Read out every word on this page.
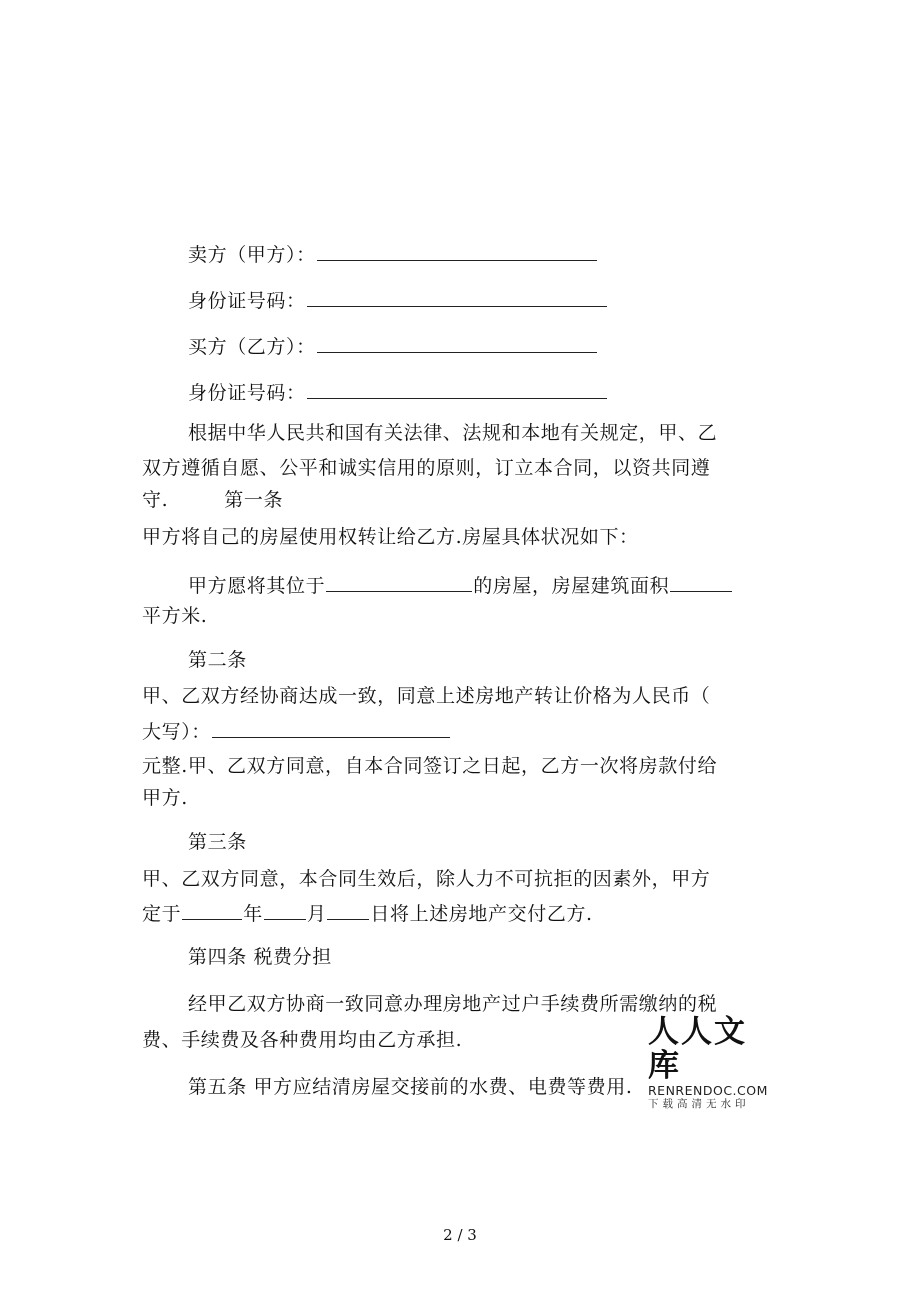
卖方（甲方）：
身份证号码：
买方（乙方）：
身份证号码：
根据中华人民共和国有关法律、法规和本地有关规定，甲、乙
双方遵循自愿、公平和诚实信用的原则，订立本合同，以资共同遵
守.	第一条
甲方将自己的房屋使用权转让给乙方.房屋具体状况如下：
甲方愿将其位于	的房屋，房屋建筑面积
平方米.
第二条
甲、乙双方经协商达成一致，同意上述房地产转让价格为人民币（
大写）：
元整.甲、乙双方同意，自本合同签订之日起，乙方一次将房款付给
甲方.
第三条
甲、乙双方同意，本合同生效后，除人力不可抗拒的因素外，甲方
定于	年 月 日将上述房地产交付乙方.
第四条 税费分担
经甲乙双方协商一致同意办理房地产过户手续费所需缴纳的税
费、手续费及各种费用均由乙方承担.
第五条 甲方应结清房屋交接前的水费、电费等费用.
人人文库
RENRENDOC.COM
下载高清无水印
2 / 3
